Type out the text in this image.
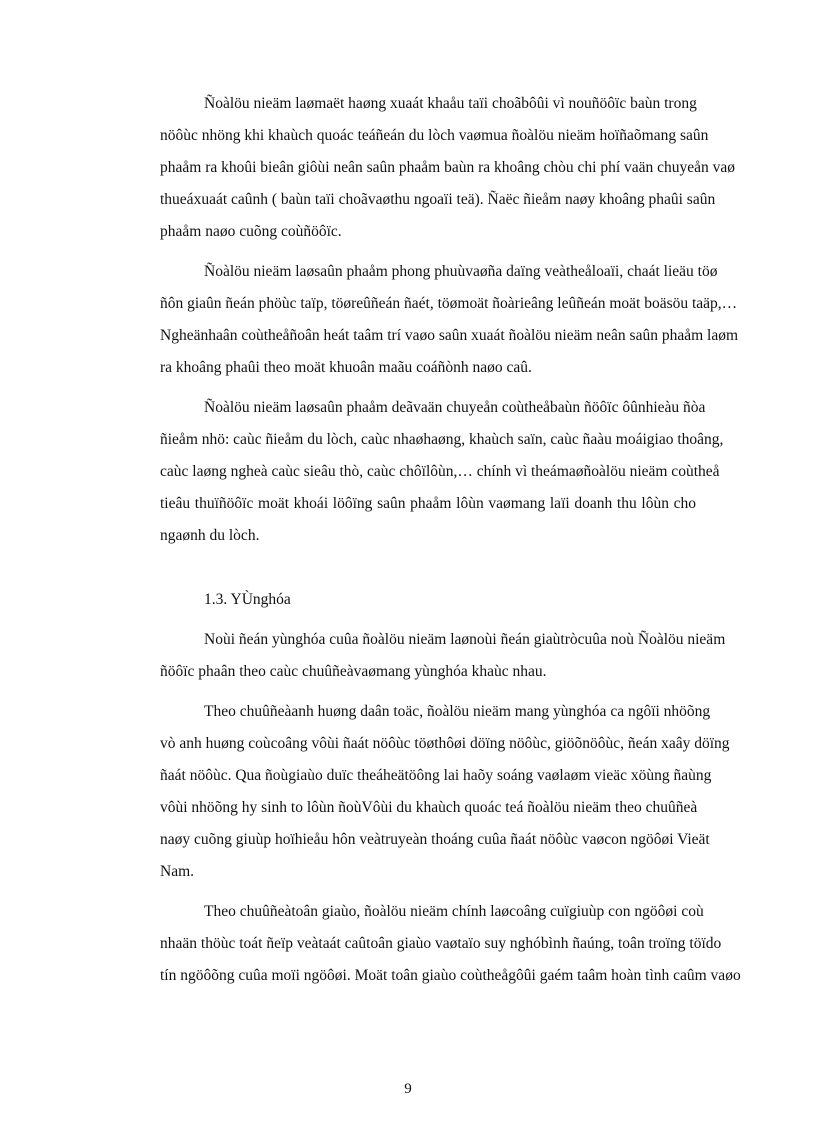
Ñoàlöu nieäm laømaët haøng xuaát khaåu taïi choãbôûi vì nouñöôïc baùn trong
nöôùc nhöng khi khaùch quoác teáñeán du lòch vaømua ñoàlöu nieäm hoïñaõmang saûn
phaåm ra khoûi bieân giôùi neân saûn phaåm baùn ra khoâng chòu chi phí vaän chuyeån vaø
thueáxuaát caûnh ( baùn taïi choãvaøthu ngoaïi teä). Ñaëc ñieåm naøy khoâng phaûi saûn
phaåm naøo cuõng coùñöôïc.
Ñoàlöu nieäm laøsaûn phaåm phong phuùvaøña daïng veàtheåloaïi, chaát lieäu töø
ñôn giaûn ñeán phöùc taïp, töøreûñeán ñaét, töømoät ñoàrieâng leûñeán moät boäsöu taäp,…
Ngheänhaân coùtheåñoân heát taâm trí vaøo saûn xuaát ñoàlöu nieäm neân saûn phaåm laøm
ra khoâng phaûi theo moät khuoân maãu coáñònh naøo caû.
Ñoàlöu nieäm laøsaûn phaåm deãvaän chuyeån coùtheåbaùn ñöôïc ôûnhieàu ñòa
ñieåm nhö: caùc ñieåm du lòch, caùc nhaøhaøng, khaùch saïn, caùc ñaàu moáigiao thoâng,
caùc laøng ngheà caùc sieâu thò, caùc chôïlôùn,… chính vì theámaøñoàlöu nieäm coùtheå
tieâu thuïñöôïc moät khoái löôïng saûn phaåm lôùn vaømang laïi doanh thu lôùn cho
ngaønh du lòch.
1.3. YÙnghóa
Noùi ñeán yùnghóa cuûa ñoàlöu nieäm laønoùi ñeán giaùtròcuûa noù Ñoàlöu nieäm
ñöôïc phaân theo caùc chuûñeàvaømang yùnghóa khaùc nhau.
Theo chuûñeàanh huøng daân toäc, ñoàlöu nieäm mang yùnghóa ca ngôïi nhöõng
vò anh huøng coùcoâng vôùi ñaát nöôùc töøthôøi döïng nöôùc, giöõnöôùc, ñeán xaây döïng
ñaát nöôùc. Qua ñoùgiaùo duïc theáheätöông lai haõy soáng vaølaøm vieäc xöùng ñaùng
vôùi nhöõng hy sinh to lôùn ñoùVôùi du khaùch quoác teá ñoàlöu nieäm theo chuûñeà
naøy cuõng giuùp hoïhieåu hôn veàtruyeàn thoáng cuûa ñaát nöôùc vaøcon ngöôøi Vieät
Nam.
Theo chuûñeàtoân giaùo, ñoàlöu nieäm chính laøcoâng cuïgiuùp con ngöôøi coù
nhaän thöùc toát ñeïp veàtaát caûtoân giaùo vaøtaïo suy nghóbình ñaúng, toân troïng töïdo
tín ngöôõng cuûa moïi ngöôøi. Moät toân giaùo coùtheågôûi gaém taâm hoàn tình caûm vaøo
9
